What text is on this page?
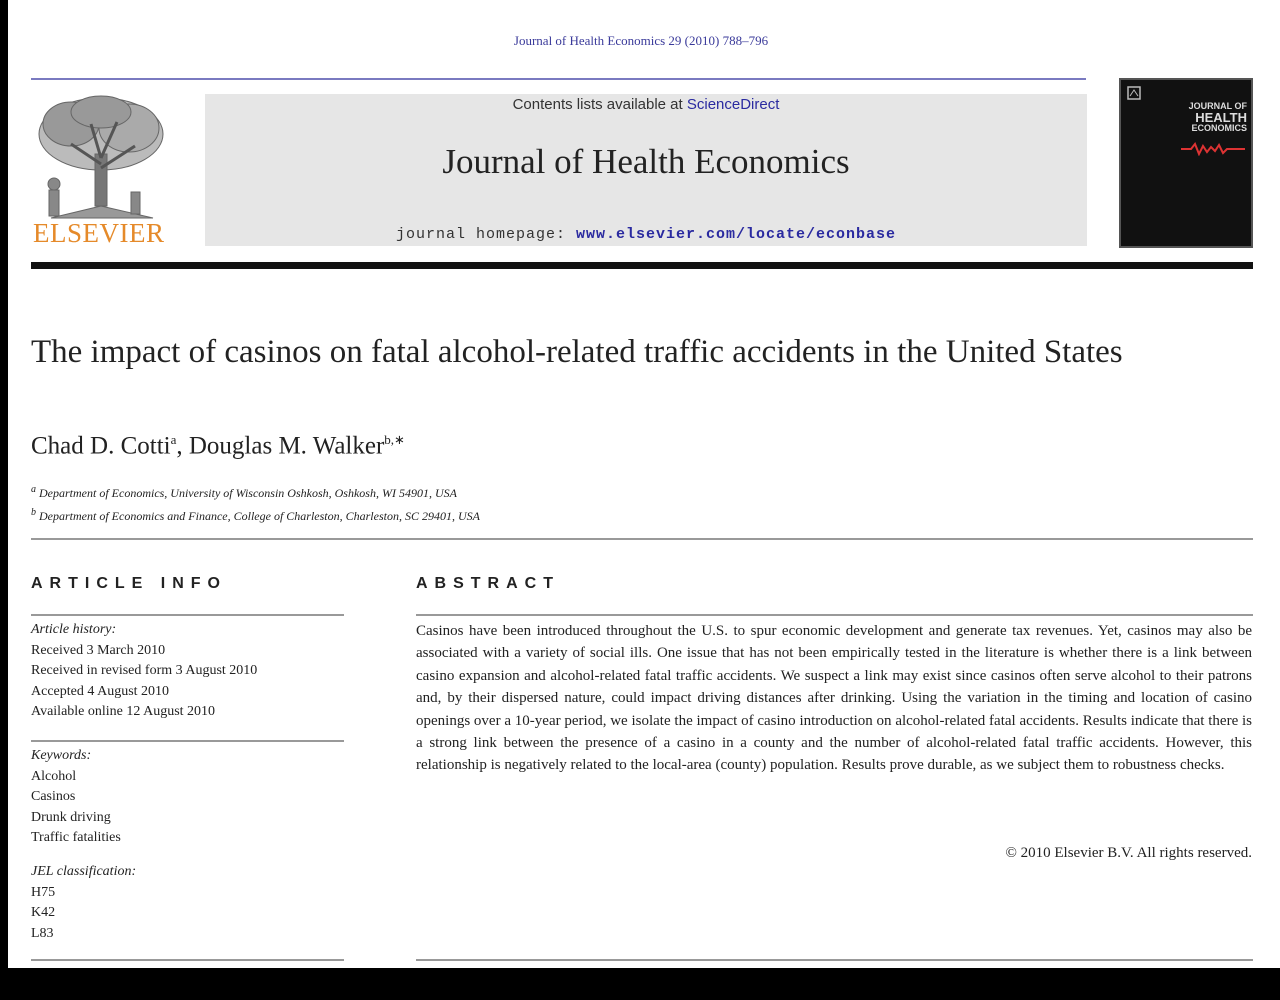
Journal of Health Economics 29 (2010) 788–796
ELSEVIER
Contents lists available at ScienceDirect
Journal of Health Economics
journal homepage: www.elsevier.com/locate/econbase
JOURNAL OF
HEALTH
ECONOMICS
The impact of casinos on fatal alcohol-related traffic accidents in the United States
Chad D. Cotti$^a$, Douglas M. Walker$^{b,∗}$
$^a$ Department of Economics, University of Wisconsin Oshkosh, Oshkosh, WI 54901, USA
$^b$ Department of Economics and Finance, College of Charleston, Charleston, SC 29401, USA
ARTICLE INFO	ABSTRACT
Article history:
Received 3 March 2010
Received in revised form 3 August 2010
Accepted 4 August 2010
Available online 12 August 2010
Keywords:
Alcohol
Casinos
Drunk driving
Traffic fatalities
JEL classification:
H75
K42
L83
Casinos have been introduced throughout the U.S. to spur economic development and generate tax revenues. Yet, casinos may also be associated with a variety of social ills. One issue that has not been empirically tested in the literature is whether there is a link between casino expansion and alcohol-related fatal traffic accidents. We suspect a link may exist since casinos often serve alcohol to their patrons and, by their dispersed nature, could impact driving distances after drinking. Using the variation in the timing and location of casino openings over a 10-year period, we isolate the impact of casino introduction on alcohol-related fatal accidents. Results indicate that there is a strong link between the presence of a casino in a county and the number of alcohol-related fatal traffic accidents. However, this relationship is negatively related to the local-area (county) population. Results prove durable, as we subject them to robustness checks.
© 2010 Elsevier B.V. All rights reserved.
